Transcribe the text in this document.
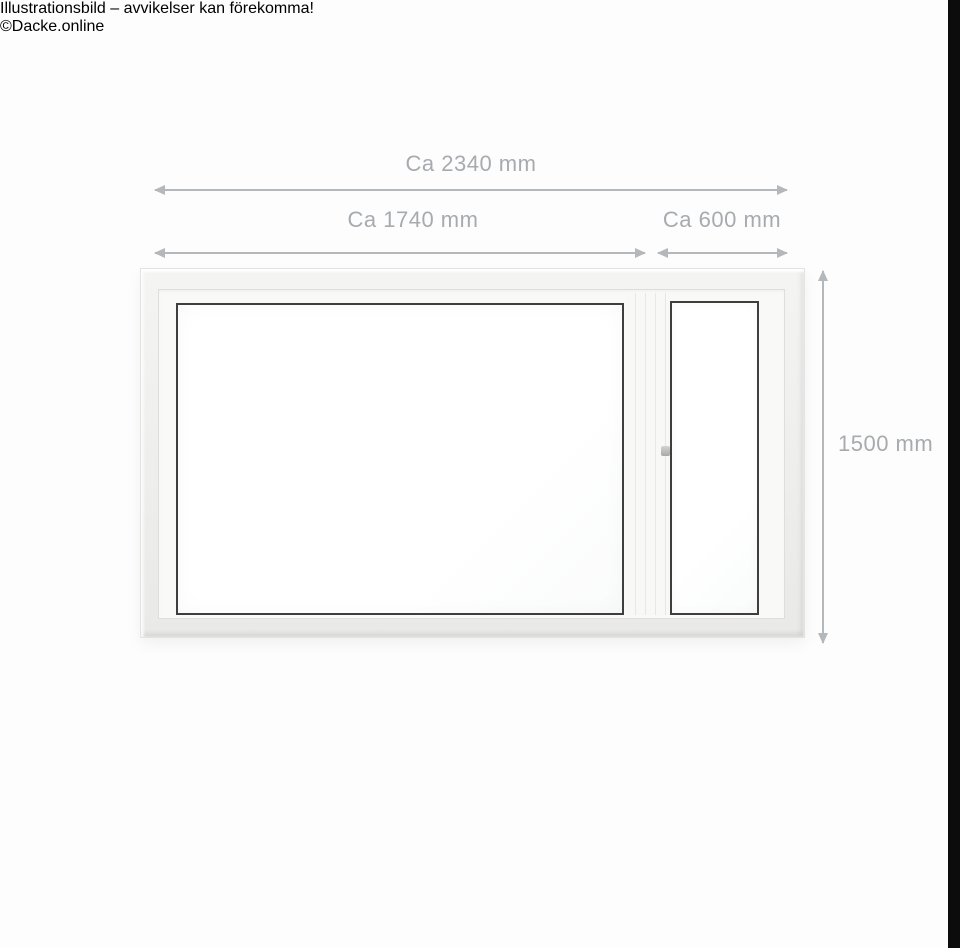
Ca 2340 mm
Ca 1740 mm	Ca 600 mm
1500 mm
Illustrationsbild – avvikelser kan förekomma!
©Dacke.online
